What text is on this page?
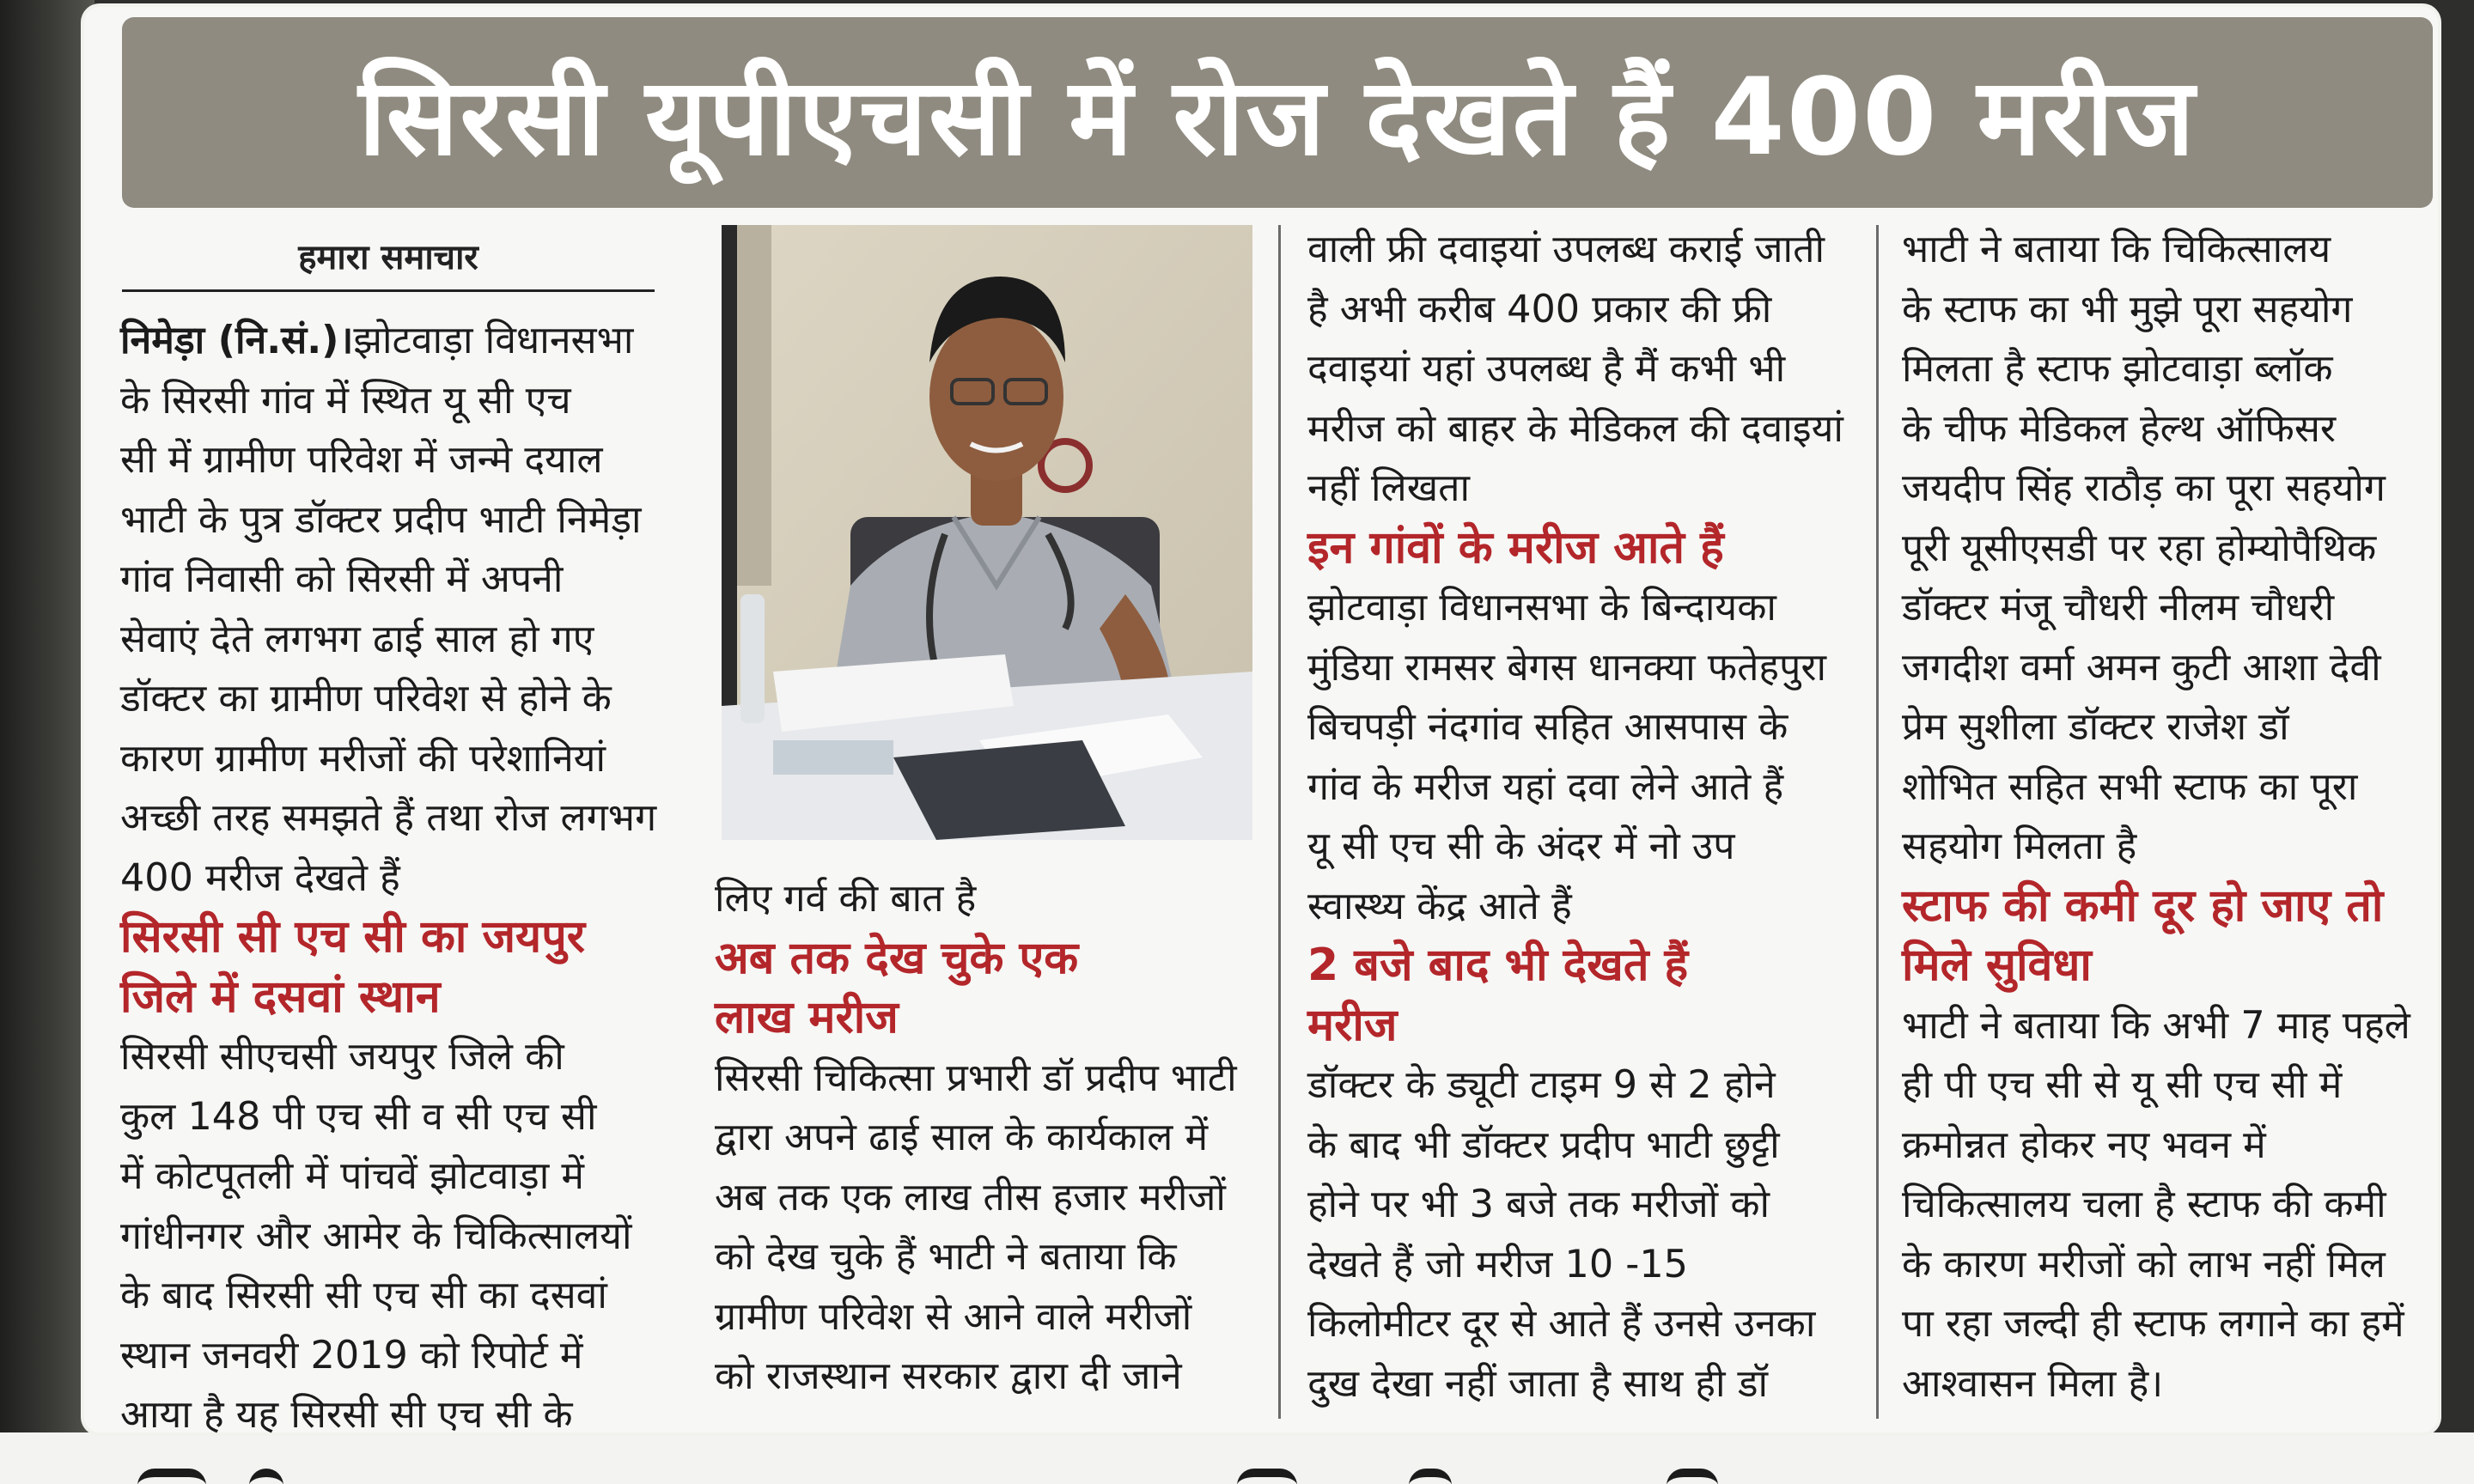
सिरसी यूपीएचसी में रोज देखते हैं 400 मरीज
हमारा समाचार

निमेड़ा (नि.सं.)।झोटवाड़ा विधानसभा

के सिरसी गांव में स्थित यू सी एच

सी में ग्रामीण परिवेश में जन्मे दयाल

भाटी के पुत्र डॉक्टर प्रदीप भाटी निमेड़ा

गांव निवासी को सिरसी में अपनी

सेवाएं देते लगभग ढाई साल हो गए

डॉक्टर का ग्रामीण परिवेश से होने के

कारण ग्रामीण मरीजों की परेशानियां

अच्छी तरह समझते हैं तथा रोज लगभग

400 मरीज देखते हैं

सिरसी सी एच सी का जयपुर

जिले में दसवां स्थान

सिरसी सीएचसी जयपुर जिले की

कुल 148 पी एच सी व सी एच सी

में कोटपूतली में पांचवें झोटवाड़ा में

गांधीनगर और आमेर के चिकित्सालयों

के बाद सिरसी सी एच सी का दसवां

स्थान जनवरी 2019 को रिपोर्ट में

आया है यह सिरसी सी एच सी के

लिए गर्व की बात है

अब तक देख चुके एक

लाख मरीज

सिरसी चिकित्सा प्रभारी डॉ प्रदीप भाटी

द्वारा अपने ढाई साल के कार्यकाल में

अब तक एक लाख तीस हजार मरीजों

को देख चुके हैं भाटी ने बताया कि

ग्रामीण परिवेश से आने वाले मरीजों

को राजस्थान सरकार द्वारा दी जाने

वाली फ्री दवाइयां उपलब्ध कराई जाती

है अभी करीब 400 प्रकार की फ्री

दवाइयां यहां उपलब्ध है मैं कभी भी

मरीज को बाहर के मेडिकल की दवाइयां

नहीं लिखता

इन गांवों के मरीज आते हैं

झोटवाड़ा विधानसभा के बिन्दायका

मुंडिया रामसर बेगस धानक्या फतेहपुरा

बिचपड़ी नंदगांव सहित आसपास के

गांव के मरीज यहां दवा लेने आते हैं

यू सी एच सी के अंदर में नो उप

स्वास्थ्य केंद्र आते हैं

2 बजे बाद भी देखते हैं

मरीज

डॉक्टर के ड्यूटी टाइम 9 से 2 होने

के बाद भी डॉक्टर प्रदीप भाटी छुट्टी

होने पर भी 3 बजे तक मरीजों को

देखते हैं जो मरीज 10 -15

किलोमीटर दूर से आते हैं उनसे उनका

दुख देखा नहीं जाता है साथ ही डॉ

भाटी ने बताया कि चिकित्सालय

के स्टाफ का भी मुझे पूरा सहयोग

मिलता है स्टाफ झोटवाड़ा ब्लॉक

के चीफ मेडिकल हेल्थ ऑफिसर

जयदीप सिंह राठौड़ का पूरा सहयोग

पूरी यूसीएसडी पर रहा होम्योपैथिक

डॉक्टर मंजू चौधरी नीलम चौधरी

जगदीश वर्मा अमन कुटी आशा देवी

प्रेम सुशीला डॉक्टर राजेश डॉ

शोभित सहित सभी स्टाफ का पूरा

सहयोग मिलता है

स्टाफ की कमी दूर हो जाए तो

मिले सुविधा

भाटी ने बताया कि अभी 7 माह पहले

ही पी एच सी से यू सी एच सी में

क्रमोन्नत होकर नए भवन में

चिकित्सालय चला है स्टाफ की कमी

के कारण मरीजों को लाभ नहीं मिल

पा रहा जल्दी ही स्टाफ लगाने का हमें

आश्वासन मिला है।
